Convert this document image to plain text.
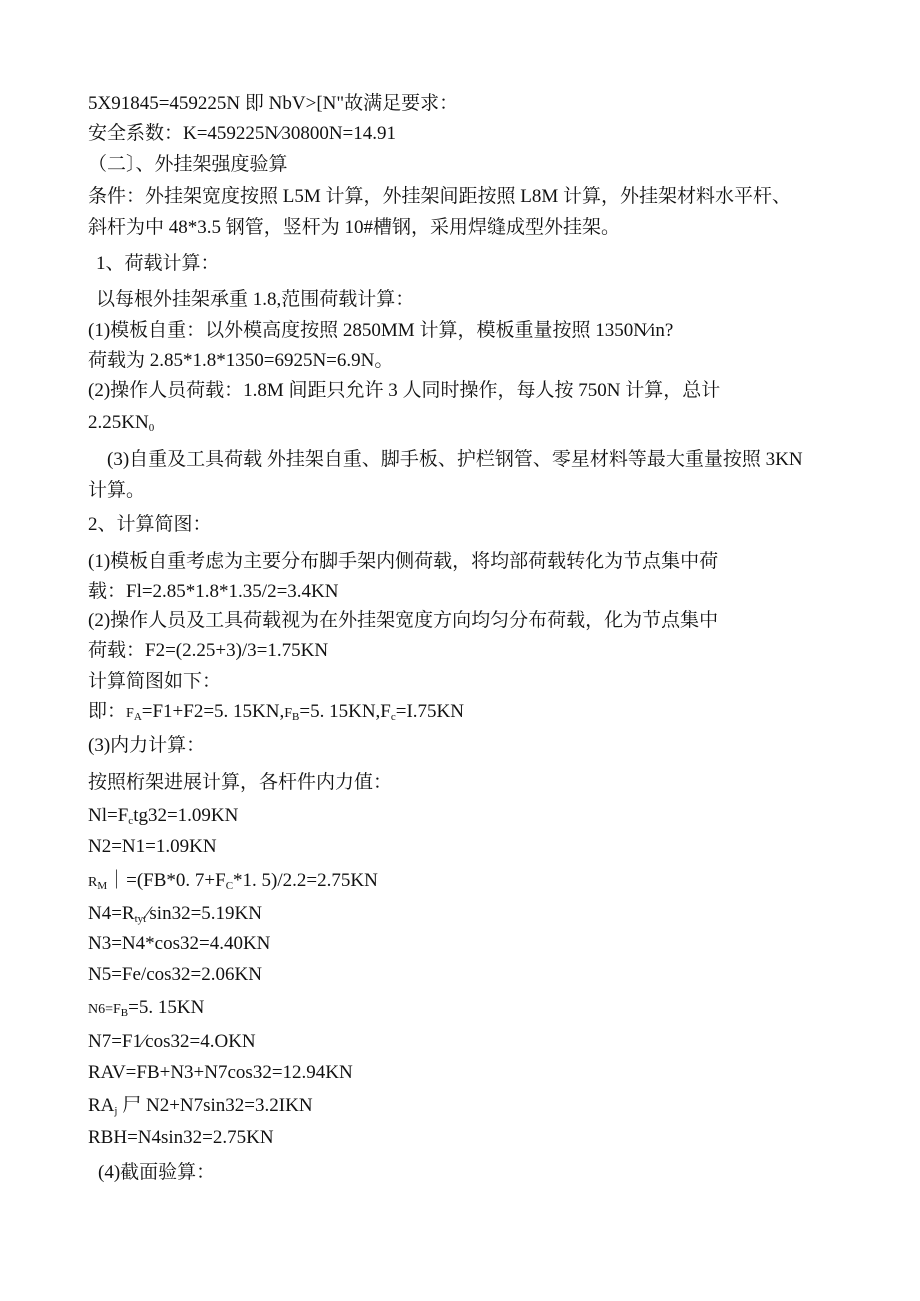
5X91845=459225N 即 NbV>[N"故满足要求：
安全系数：K=459225N∕30800N=14.91
（二〕、外挂架强度验算
条件：外挂架宽度按照 L5M 计算，外挂架间距按照 L8M 计算，外挂架材料水平杆、
斜杆为中 48*3.5 钢管，竖杆为 10#槽钢，采用焊缝成型外挂架。
1、荷载计算：
以每根外挂架承重 1.8,范围荷载计算：
(1)模板自重：以外模高度按照 2850MM 计算，模板重量按照 1350N∕in?
荷载为 2.85*1.8*1350=6925N=6.9N。
(2)操作人员荷载：1.8M 间距只允许 3 人同时操作，每人按 750N 计算，总计
$2.25KN_0$
(3)自重及工具荷载 外挂架自重、脚手板、护栏钢管、零星材料等最大重量按照 3KN
计算。
2、计算简图：
(1)模板自重考虑为主要分布脚手架内侧荷载，将均部荷载转化为节点集中荷
载：Fl=2.85*1.8*1.35/2=3.4KN
(2)操作人员及工具荷载视为在外挂架宽度方向均匀分布荷载，化为节点集中
荷载：F2=(2.25+3)/3=1.75KN
计算简图如下：
即：$F_A=F1+F2=5$. $15KN,F_B=5$. $15KN,F_c=I.75KN$
(3)内力计算：
按照桁架进展计算，各杆件内力值：
$Nl=F_ctg32=1.09KN$
N2=N1=1.09KN
$R_M|=(FB*0$. $7+F_C*1$. 5)/2.2=2.75KN
$N4=R_{tyt}∕\sin 32=5.19KN$
N3=N4*cos32=4.40KN
N5=Fe/cos32=2.06KN
$N6=F_B=5$. 15KN
N7=F1∕cos32=4.OKN
RAV=FB+N3+N7cos32=12.94KN
$RA_j$ 尸 N2+N7sin32=3.2IKN
RBH=N4sin32=2.75KN
(4)截面验算：
